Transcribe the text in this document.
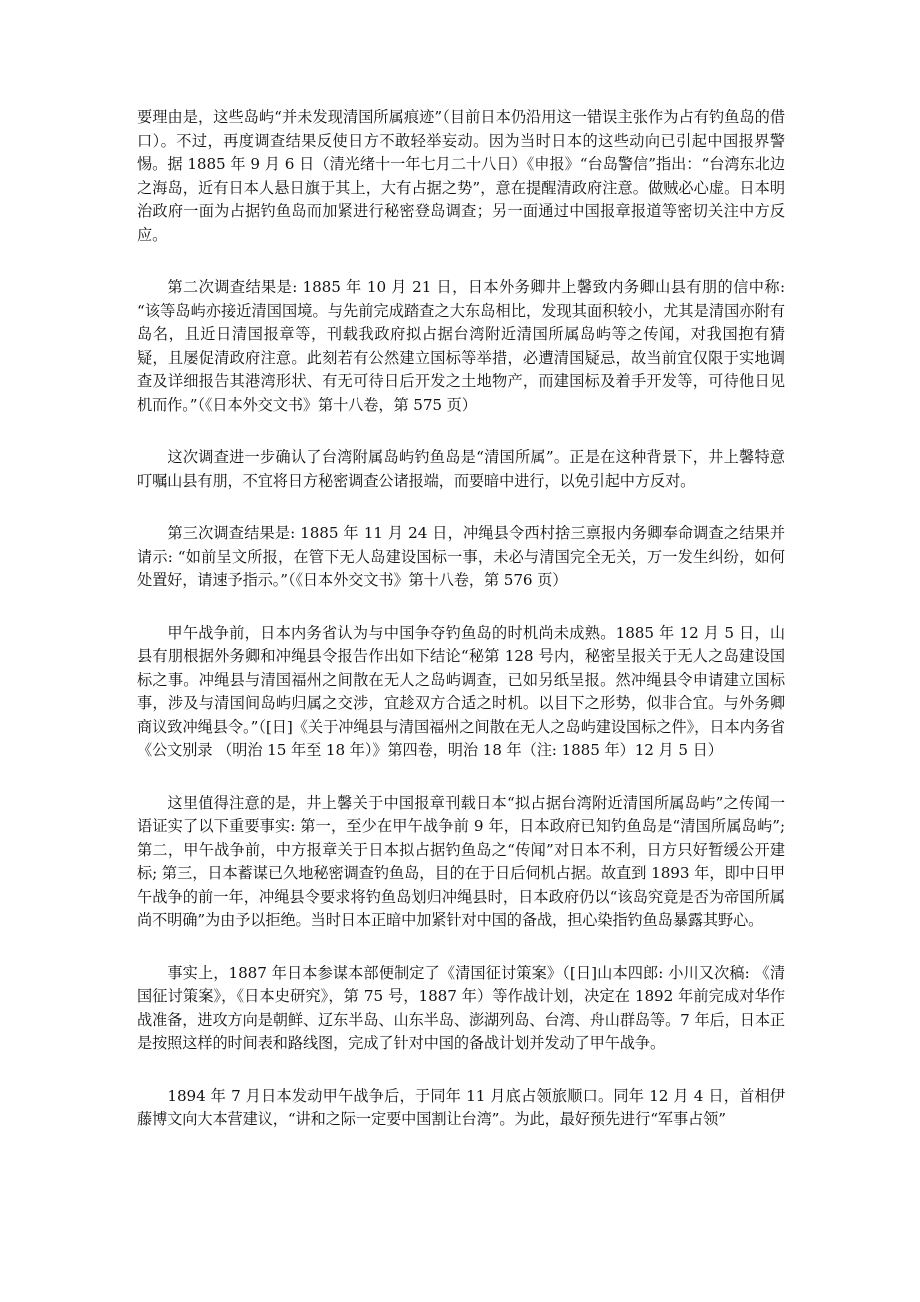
要理由是，这些岛屿“并未发现清国所属痕迹”（目前日本仍沿用这一错误主张作为占有钓鱼岛的借口）。不过，再度调查结果反使日方不敢轻举妄动。因为当时日本的这些动向已引起中国报界警惕。据 1885 年 9 月 6 日（清光绪十一年七月二十八日）《申报》“台岛警信”指出：“台湾东北边之海岛，近有日本人悬日旗于其上，大有占据之势”，意在提醒清政府注意。做贼必心虚。日本明治政府一面为占据钓鱼岛而加紧进行秘密登岛调查；另一面通过中国报章报道等密切关注中方反应。

第二次调查结果是: 1885 年 10 月 21 日，日本外务卿井上馨致内务卿山县有朋的信中称: “该等岛屿亦接近清国国境。与先前完成踏查之大东岛相比，发现其面积较小，尤其是清国亦附有岛名，且近日清国报章等，刊载我政府拟占据台湾附近清国所属岛屿等之传闻，对我国抱有猜疑，且屡促清政府注意。此刻若有公然建立国标等举措，必遭清国疑忌，故当前宜仅限于实地调查及详细报告其港湾形状、有无可待日后开发之土地物产，而建国标及着手开发等，可待他日见机而作。”（《日本外交文书》第十八卷，第 575 页）

这次调查进一步确认了台湾附属岛屿钓鱼岛是“清国所属”。正是在这种背景下，井上馨特意叮嘱山县有朋，不宜将日方秘密调查公诸报端，而要暗中进行，以免引起中方反对。

第三次调查结果是: 1885 年 11 月 24 日，冲绳县令西村捨三禀报内务卿奉命调查之结果并请示: “如前呈文所报，在管下无人岛建设国标一事，未必与清国完全无关，万一发生纠纷，如何处置好，请速予指示。”（《日本外交文书》第十八卷，第 576 页）

甲午战争前，日本内务省认为与中国争夺钓鱼岛的时机尚未成熟。1885 年 12 月 5 日，山县有朋根据外务卿和冲绳县令报告作出如下结论“秘第 128 号内，秘密呈报关于无人之岛建设国标之事。冲绳县与清国福州之间散在无人之岛屿调查，已如另纸呈报。然冲绳县令申请建立国标事，涉及与清国间岛屿归属之交涉，宜趁双方合适之时机。以目下之形势，似非合宜。与外务卿商议致冲绳县令。”（[日]《关于冲绳县与清国福州之间散在无人之岛屿建设国标之件》，日本内务省《公文别录 （明治 15 年至 18 年）》第四卷，明治 18 年（注: 1885 年）12 月 5 日）

这里值得注意的是，井上馨关于中国报章刊载日本“拟占据台湾附近清国所属岛屿”之传闻一语证实了以下重要事实: 第一，至少在甲午战争前 9 年，日本政府已知钓鱼岛是“清国所属岛屿”; 第二，甲午战争前，中方报章关于日本拟占据钓鱼岛之“传闻”对日本不利，日方只好暂缓公开建标; 第三，日本蓄谋已久地秘密调查钓鱼岛，目的在于日后伺机占据。故直到 1893 年，即中日甲午战争的前一年，冲绳县令要求将钓鱼岛划归冲绳县时，日本政府仍以“该岛究竟是否为帝国所属尚不明确”为由予以拒绝。当时日本正暗中加紧针对中国的备战，担心染指钓鱼岛暴露其野心。

事实上，1887 年日本参谋本部便制定了《清国征讨策案》（[日]山本四郎: 小川又次稿: 《清国征讨策案》，《日本史研究》，第 75 号，1887 年）等作战计划，决定在 1892 年前完成对华作战准备，进攻方向是朝鲜、辽东半岛、山东半岛、澎湖列岛、台湾、舟山群岛等。7 年后，日本正是按照这样的时间表和路线图，完成了针对中国的备战计划并发动了甲午战争。

1894 年 7 月日本发动甲午战争后，于同年 11 月底占领旅顺口。同年 12 月 4 日，首相伊藤博文向大本营建议，“讲和之际一定要中国割让台湾”。为此，最好预先进行“军事占领”
